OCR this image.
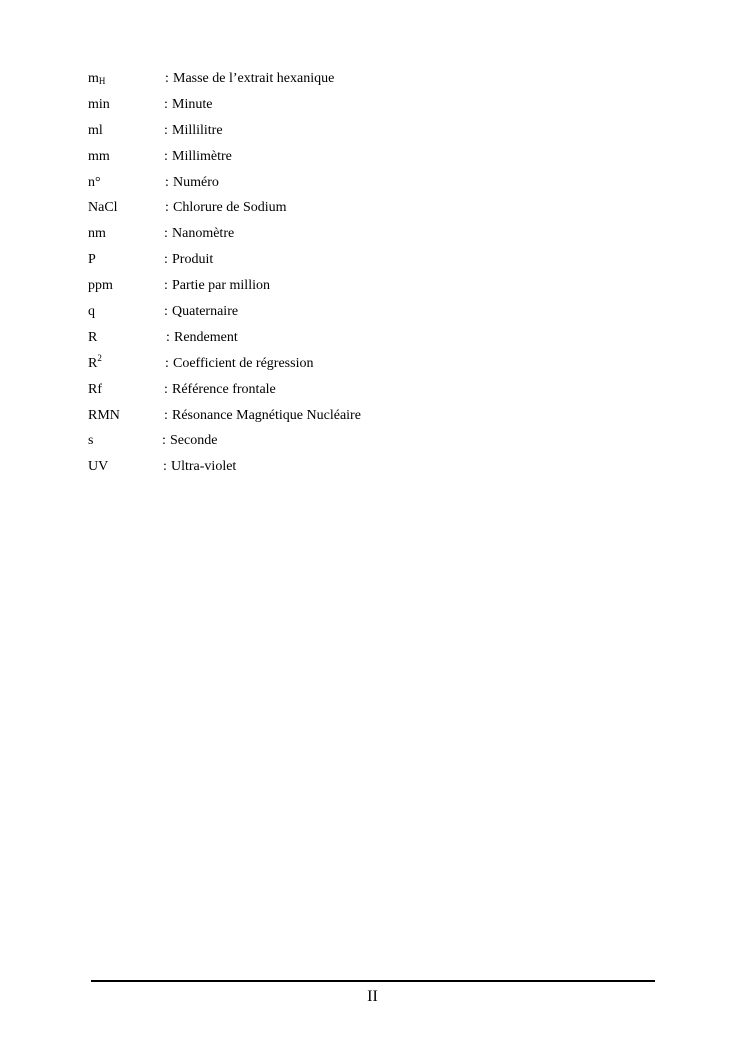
mH	: Masse de l’extrait hexanique
min	: Minute
ml	: Millilitre
mm	: Millimètre
n°	: Numéro
NaCl	: Chlorure de Sodium
nm	: Nanomètre
P	: Produit
ppm	: Partie par million
q	: Quaternaire
R	: Rendement
$R^2$	: Coefficient de régression
Rf	: Référence frontale
RMN	: Résonance Magnétique Nucléaire
s	: Seconde
UV	: Ultra-violet
II
